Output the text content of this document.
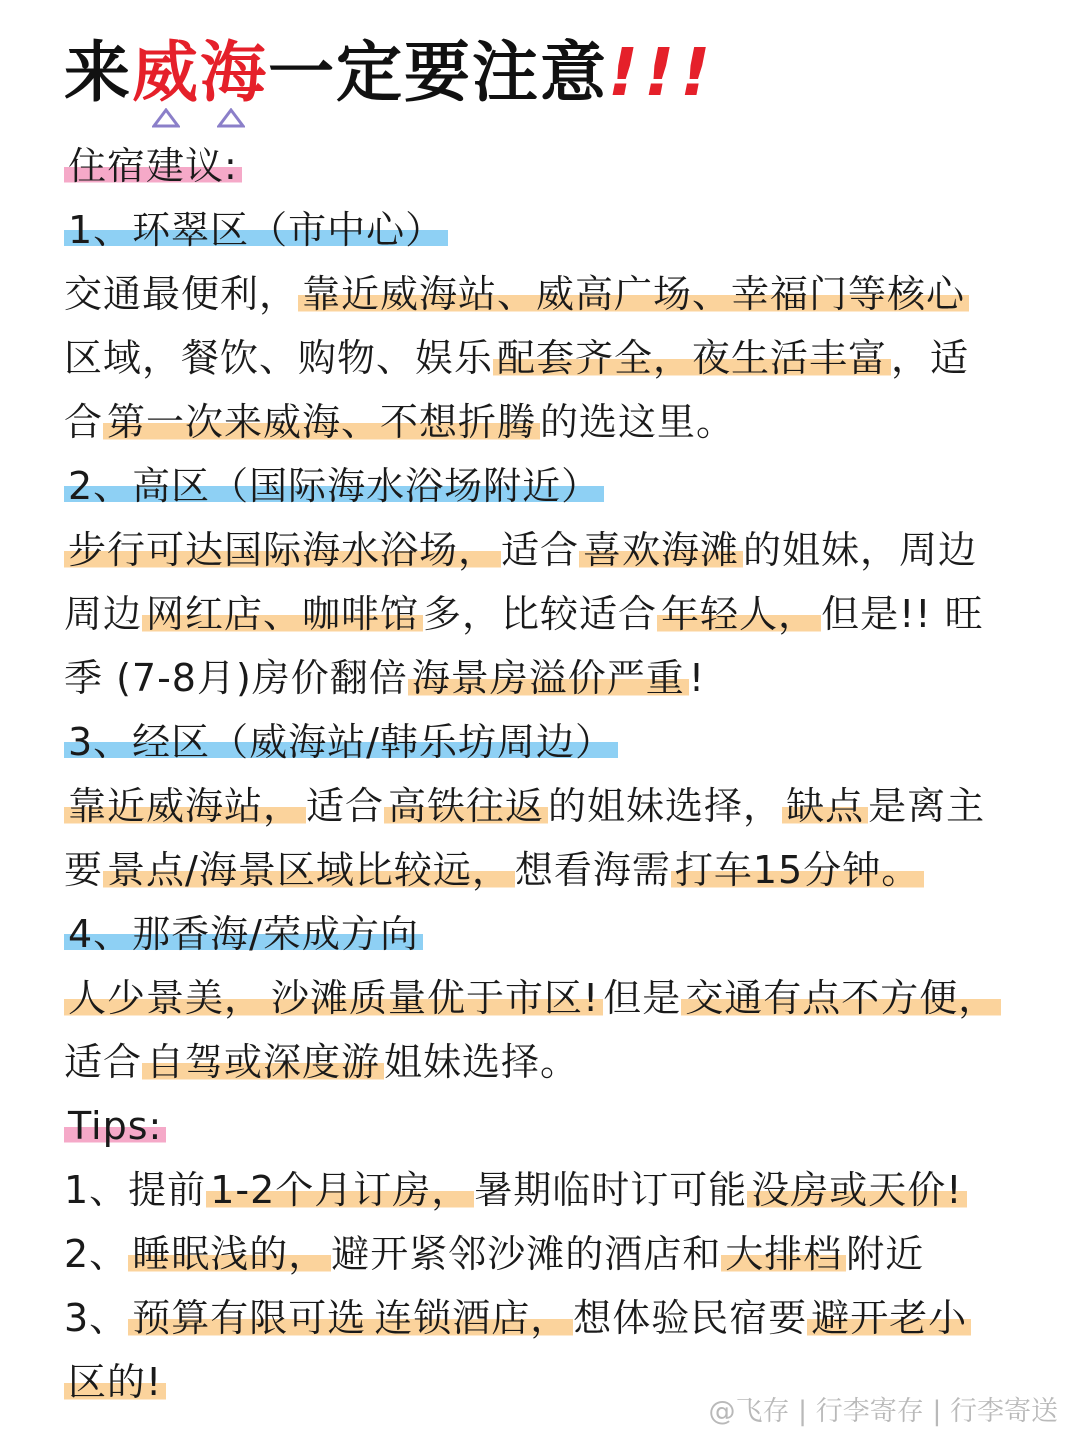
来威海一定要注意!!!
住宿建议:
1、环翠区（市中心）
交通最便利， 靠近威海站、威高广场、幸福门等核心
区域，餐饮、购物、娱乐 配套齐全，夜生活丰富 ，适
合 第一次来威海、不想折腾 的选这里。
2、高区（国际海水浴场附近）
步行可达国际海水浴场， 适合 喜欢海滩 的姐妹，周边
周边 网红店、咖啡馆 多，比较适合 年轻人， 但是!! 旺
季 (7-8月)房价翻倍 海景房溢价严重 !
3、经区（威海站/韩乐坊周边）
靠近威海站， 适合 高铁往返 的姐妹选择， 缺点 是离主
要 景点/海景区域比较远， 想看海需 打车15分钟。
4、那香海/荣成方向
人少景美， 沙滩质量优于市区! 但是 交通有点不方便，
适合 自驾或深度游 姐妹选择。
Tips:
1、提前 1-2个月订房， 暑期临时订可能 没房或天价!
2、 睡眠浅的， 避开紧邻沙滩的酒店和 大排档 附近
3、 预算有限可选 连锁酒店， 想体验民宿要 避开老小
区的!
@飞存 | 行李寄存 | 行李寄送
